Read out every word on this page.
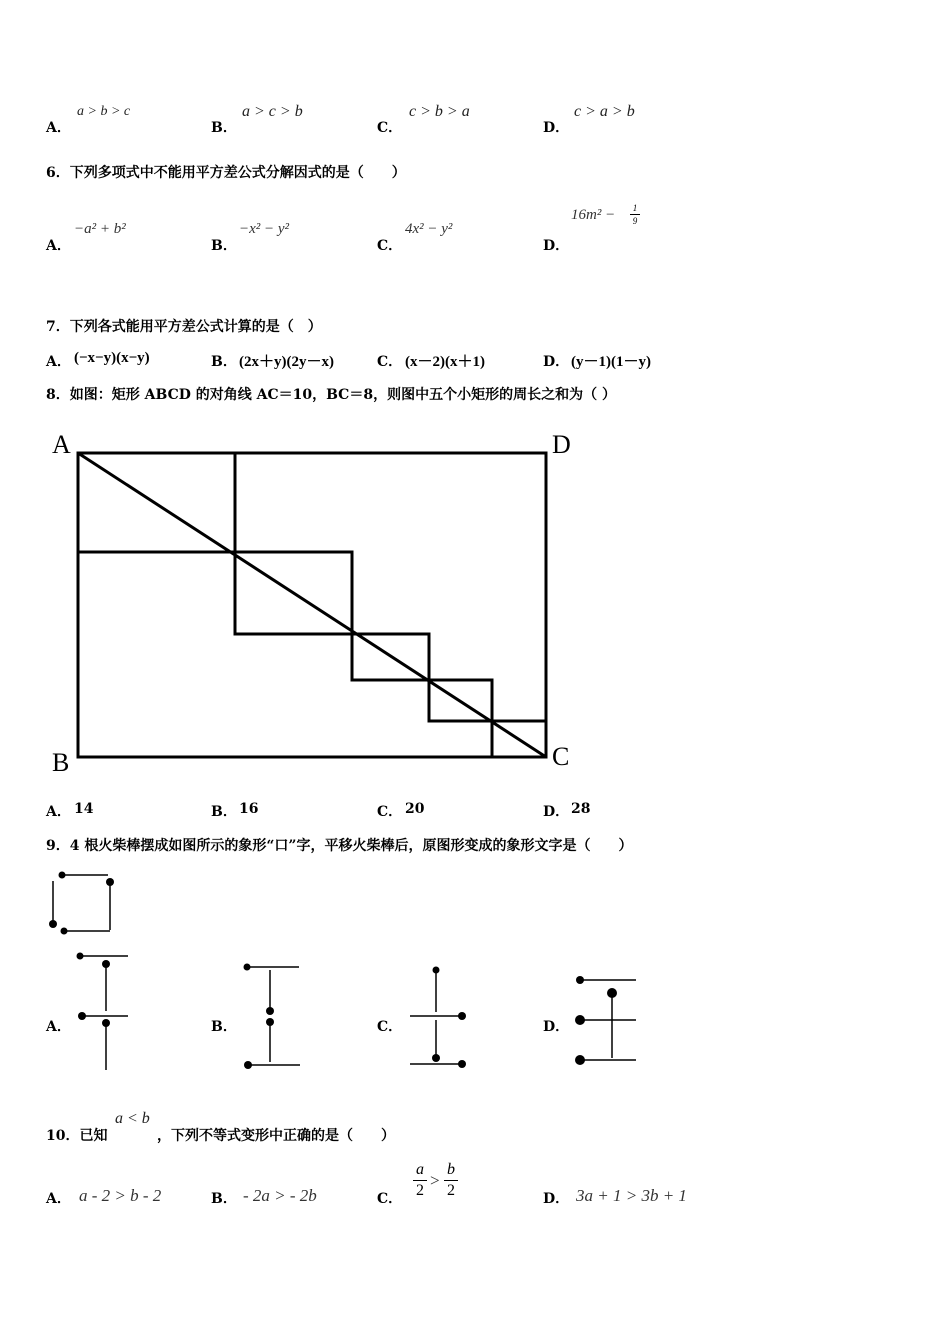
A．
a > b > c
B．
a > c > b
C．
c > b > a
D．
c > a > b
6．下列多项式中不能用平方差公式分解因式的是（　　）
A．
−a² + b²
B．
−x² − y²
C．
4x² − y²
D．
16m² −	1
9
7．下列各式能用平方差公式计算的是（　）
A． (−x−y)(x−y)	B． (2x＋y)(2y－x)	C． (x－2)(x＋1)	D． (y－1)(1－y)
8．如图：矩形 ABCD 的对角线 AC＝10，BC＝8，则图中五个小矩形的周长之和为（ ）
A	D
B	C
A． 14	B． 16	C． 20	D． 28
9．4 根火柴棒摆成如图所示的象形“口”字，平移火柴棒后，原图形变成的象形文字是（　　）
A．	B．	C．	D．
10．已知
a < b
，下列不等式变形中正确的是（　　）
A． a - 2 > b - 2	B． - 2a > - 2b	C．
a
2
>
b
2	D． 3a + 1 > 3b + 1
